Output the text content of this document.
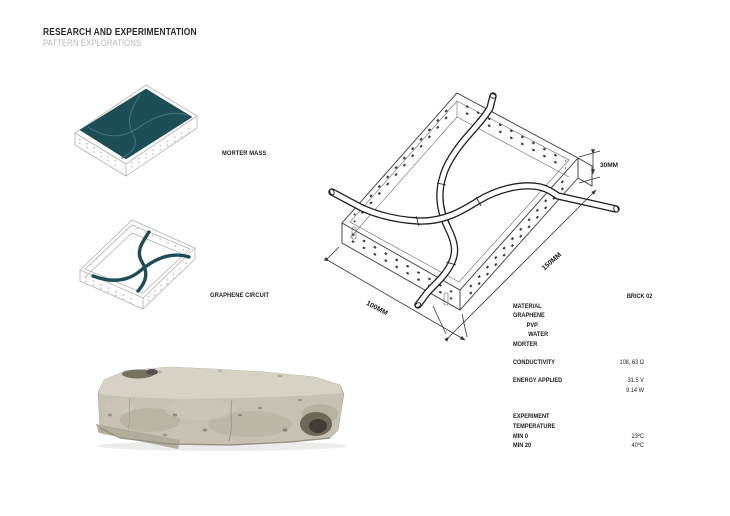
RESEARCH AND EXPERIMENTATION
PATTERN EXPLORATIONS
MORTER MASS
GRAPHENE CIRCUIT
100MM
150MM
30MM
BRICK 02
MATERIAL
GRAPHENE
PVP
WATER
MORTER
CONDUCTIVITY	108, 63 Ω
ENERGY APPLIED	31.5 V
9.14 W
EXPERIMENT
TEMPERATURE
MIN 0	23ºC
MIN 20	40ºC
